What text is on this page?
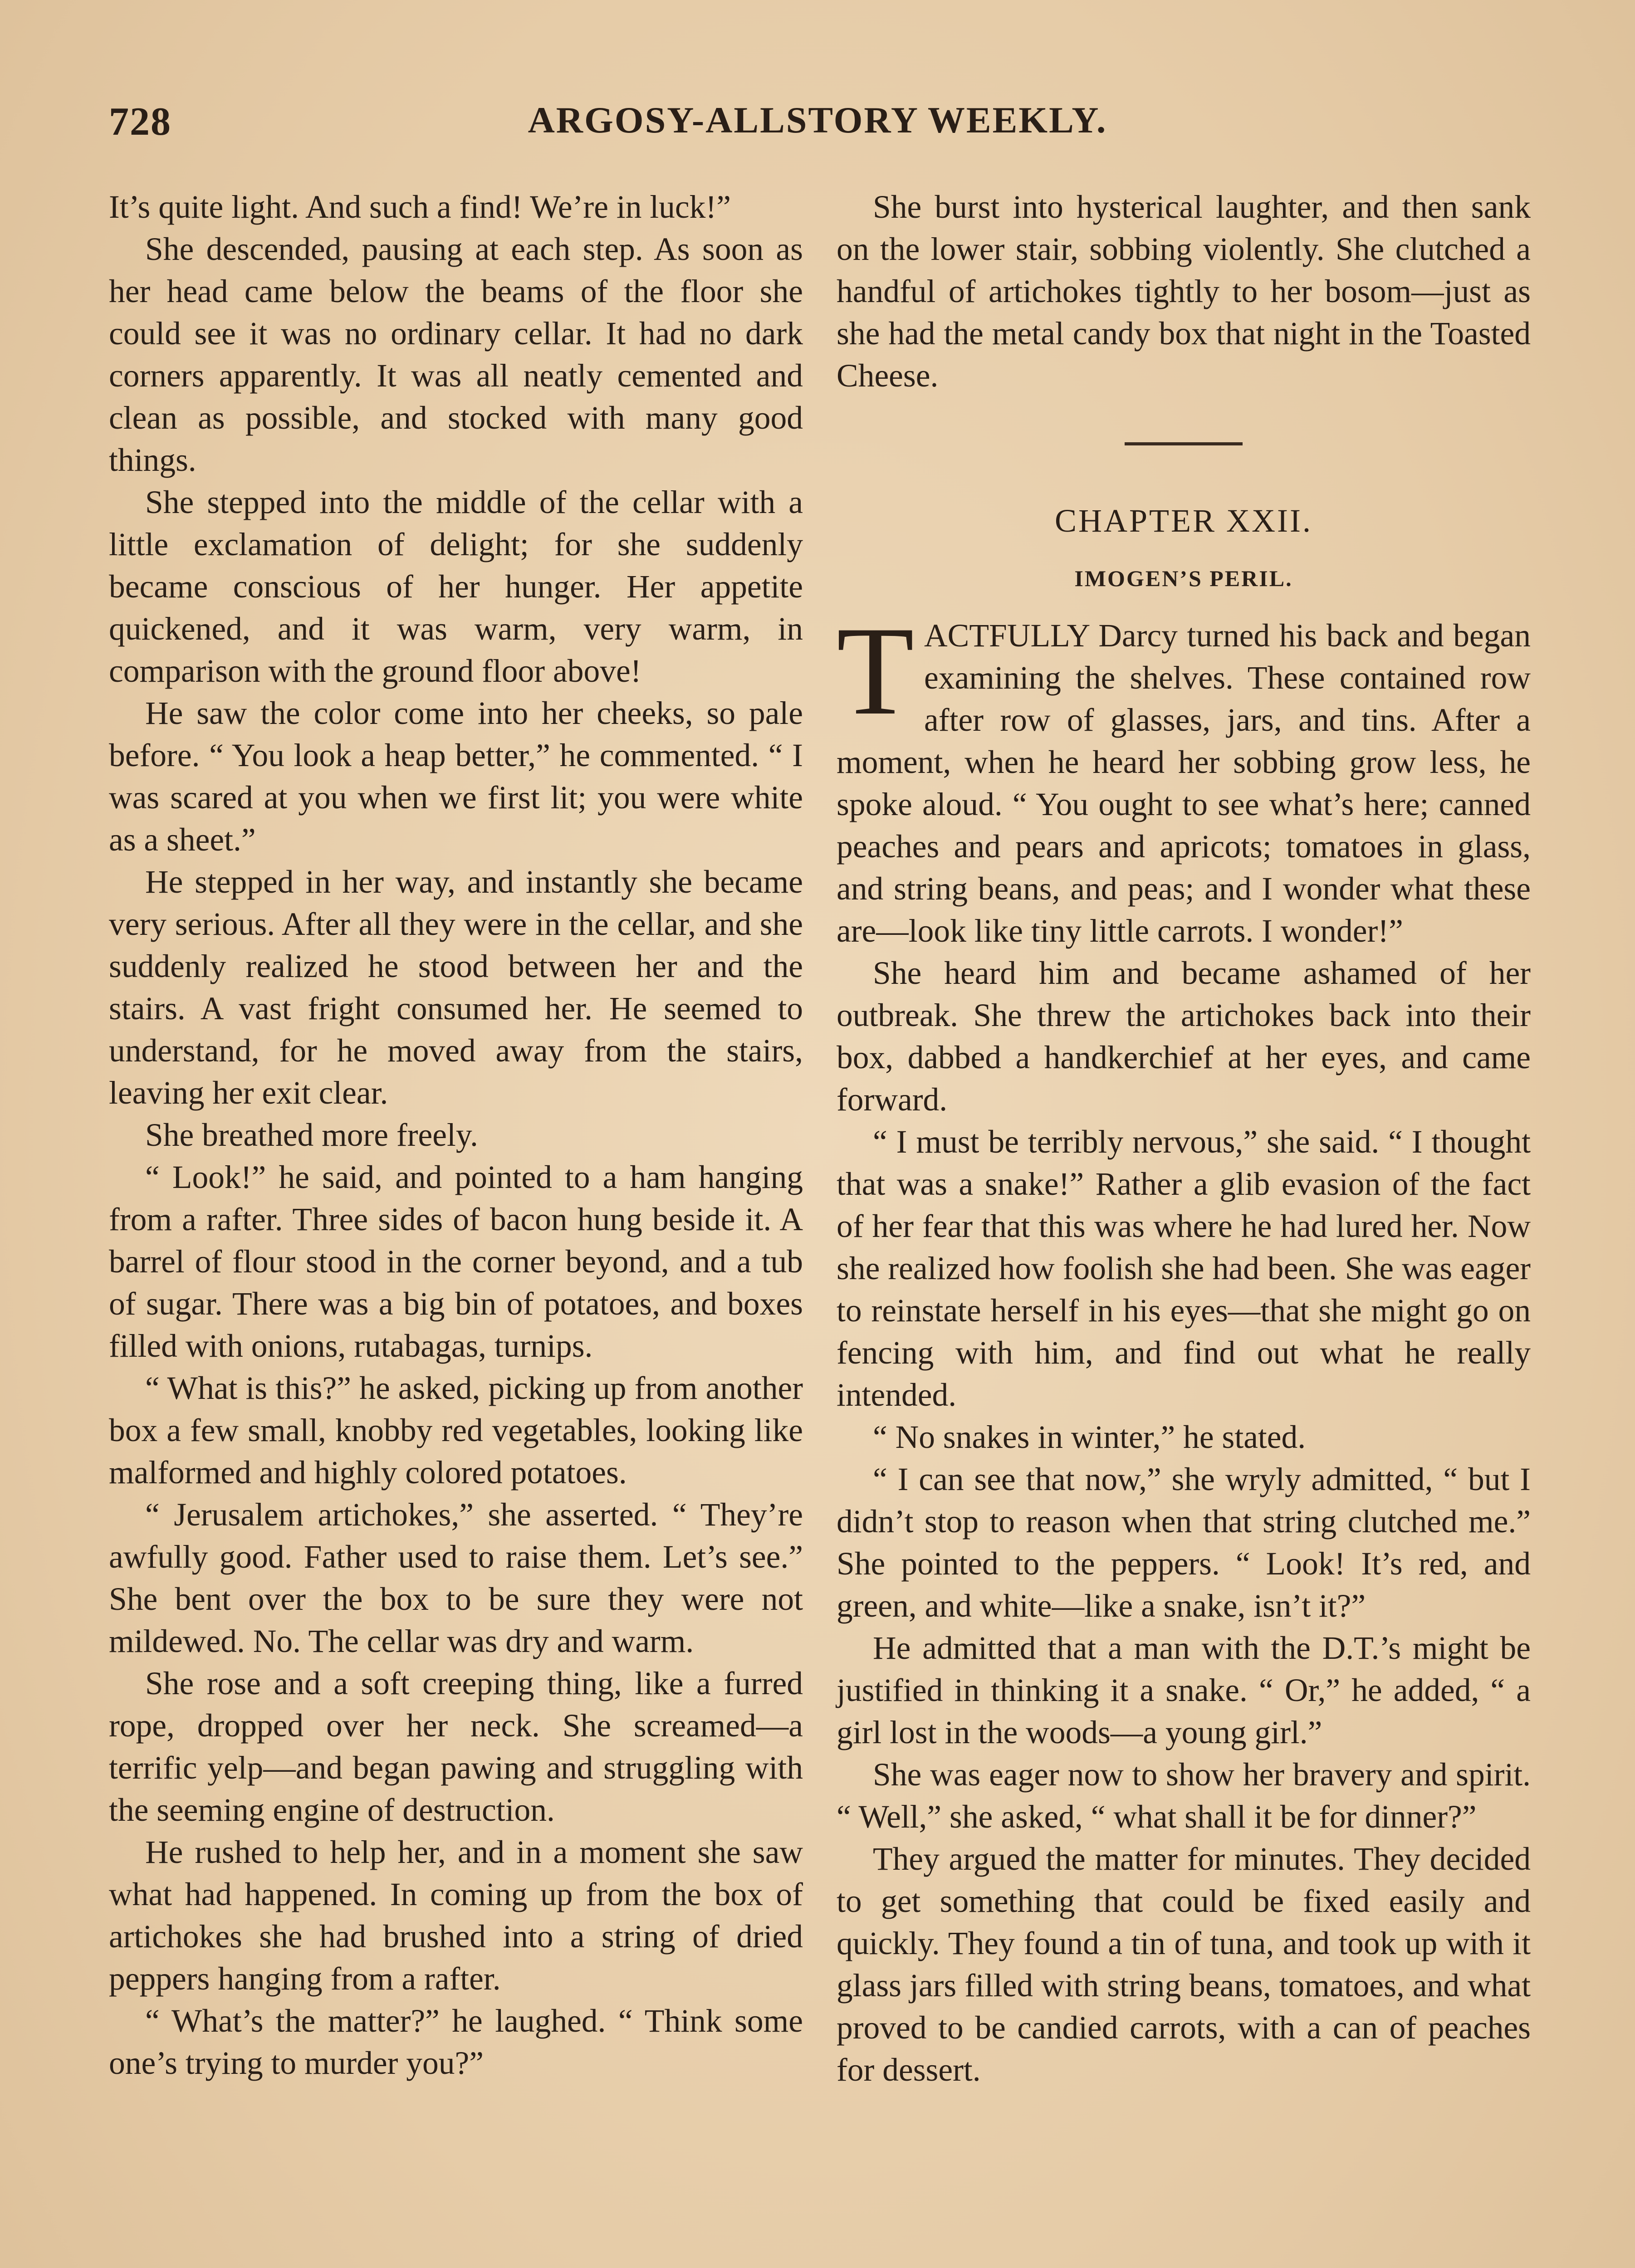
728	ARGOSY-ALLSTORY WEEKLY.

It’s quite light. And such a find! We’re in luck!”

She descended, pausing at each step. As soon as her head came below the beams of the floor she could see it was no ordinary cellar. It had no dark corners apparently. It was all neatly cemented and clean as possible, and stocked with many good things.

She stepped into the middle of the cellar with a little exclamation of delight; for she suddenly became conscious of her hunger. Her appetite quickened, and it was warm, very warm, in comparison with the ground floor above!

He saw the color come into her cheeks, so pale before. “ You look a heap better,” he commented. “ I was scared at you when we first lit; you were white as a sheet.”

He stepped in her way, and instantly she became very serious. After all they were in the cellar, and she suddenly realized he stood between her and the stairs. A vast fright consumed her. He seemed to understand, for he moved away from the stairs, leaving her exit clear.

She breathed more freely.

“ Look!” he said, and pointed to a ham hanging from a rafter. Three sides of bacon hung beside it. A barrel of flour stood in the corner beyond, and a tub of sugar. There was a big bin of potatoes, and boxes filled with onions, rutabagas, turnips.

“ What is this?” he asked, picking up from another box a few small, knobby red vegetables, looking like malformed and highly colored potatoes.

“ Jerusalem artichokes,” she asserted. “ They’re awfully good. Father used to raise them. Let’s see.” She bent over the box to be sure they were not mildewed. No. The cellar was dry and warm.

She rose and a soft creeping thing, like a furred rope, dropped over her neck. She screamed—a terrific yelp—and began pawing and struggling with the seeming engine of destruction.

He rushed to help her, and in a moment she saw what had happened. In coming up from the box of artichokes she had brushed into a string of dried peppers hanging from a rafter.

“ What’s the matter?” he laughed. “ Think some one’s trying to murder you?”

She burst into hysterical laughter, and then sank on the lower stair, sobbing violently. She clutched a handful of artichokes tightly to her bosom—just as she had the metal candy box that night in the Toasted Cheese.

CHAPTER XXII.
IMOGEN’S PERIL.

TACTFULLY Darcy turned his back and began examining the shelves. These contained row after row of glasses, jars, and tins. After a moment, when he heard her sobbing grow less, he spoke aloud. “ You ought to see what’s here; canned peaches and pears and apricots; tomatoes in glass, and string beans, and peas; and I wonder what these are—look like tiny little carrots. I wonder!”

She heard him and became ashamed of her outbreak. She threw the artichokes back into their box, dabbed a handkerchief at her eyes, and came forward.

“ I must be terribly nervous,” she said. “ I thought that was a snake!” Rather a glib evasion of the fact of her fear that this was where he had lured her. Now she realized how foolish she had been. She was eager to reinstate herself in his eyes—that she might go on fencing with him, and find out what he really intended.

“ No snakes in winter,” he stated.

“ I can see that now,” she wryly admitted, “ but I didn’t stop to reason when that string clutched me.” She pointed to the peppers. “ Look! It’s red, and green, and white—like a snake, isn’t it?”

He admitted that a man with the D.T.’s might be justified in thinking it a snake. “ Or,” he added, “ a girl lost in the woods—a young girl.”

She was eager now to show her bravery and spirit. “ Well,” she asked, “ what shall it be for dinner?”

They argued the matter for minutes. They decided to get something that could be fixed easily and quickly. They found a tin of tuna, and took up with it glass jars filled with string beans, tomatoes, and what proved to be candied carrots, with a can of peaches for dessert.
